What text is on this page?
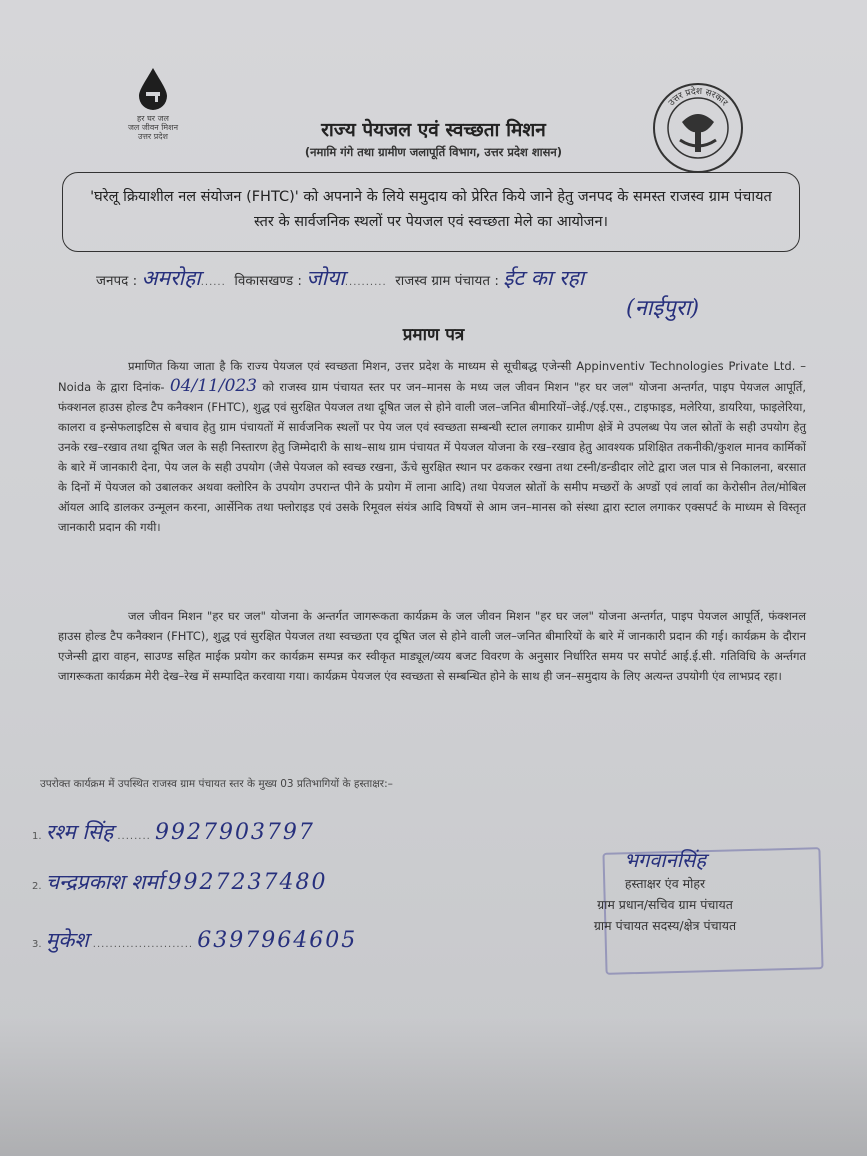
हर घर जल
जल जीवन मिशन
उत्तर प्रदेश
उत्तर प्रदेश सरकार
राज्य पेयजल एवं स्वच्छता मिशन
(नमामि गंगे तथा ग्रामीण जलापूर्ति विभाग, उत्तर प्रदेश शासन)
'घरेलू क्रियाशील नल संयोजन (FHTC)' को अपनाने के लिये समुदाय को प्रेरित किये जाने हेतु जनपद के समस्त राजस्व ग्राम पंचायत स्तर के सार्वजनिक स्थलों पर पेयजल एवं स्वच्छता मेले का आयोजन।
जनपद : अमरोहा...... विकासखण्ड : जोया.......... राजस्व ग्राम पंचायत : ईट का रहा
(नाईपुरा)
प्रमाण पत्र
प्रमाणित किया जाता है कि राज्य पेयजल एवं स्वच्छता मिशन, उत्तर प्रदेश के माध्यम से सूचीबद्ध एजेन्सी Appinventiv Technologies Private Ltd. – Noida के द्वारा दिनांक- 04/11/023 को राजस्व ग्राम पंचायत स्तर पर जन–मानस के मध्य जल जीवन मिशन "हर घर जल" योजना अन्तर्गत, पाइप पेयजल आपूर्ति, फंक्शनल हाउस होल्ड टैप कनैक्शन (FHTC), शुद्ध एवं सुरक्षित पेयजल तथा दूषित जल से होने वाली जल–जनित बीमारियों–जेई./एई.एस., टाइफाइड, मलेरिया, डायरिया, फाइलेरिया, कालरा व इन्सेफलाइटिस से बचाव हेतु ग्राम पंचायतों में सार्वजनिक स्थलों पर पेय जल एवं स्वच्छता सम्बन्धी स्टाल लगाकर ग्रामीण क्षेत्रें मे उपलब्ध पेय जल स्रोतों के सही उपयोग हेतु उनके रख–रखाव तथा दूषित जल के सही निस्तारण हेतु जिम्मेदारी के साथ–साथ ग्राम पंचायत में पेयजल योजना के रख–रखाव हेतु आवश्यक प्रशिक्षित तकनीकी/कुशल मानव कार्मिकों के बारे में जानकारी देना, पेय जल के सही उपयोग (जैसे पेयजल को स्वच्छ रखना, ऊँचे सुरक्षित स्थान पर ढककर रखना तथा टस्नी/डन्डीदार लोटे द्वारा जल पात्र से निकालना, बरसात के दिनों में पेयजल को उबालकर अथवा क्लोरिन के उपयोग उपरान्त पीने के प्रयोग में लाना आदि) तथा पेयजल स्रोतों के समीप मच्छरों के अण्डों एवं लार्वा का केरोसीन तेल/मोबिल ऑयल आदि डालकर उन्मूलन करना, आर्सेनिक तथा फ्लोराइड एवं उसके रिमूवल संयंत्र आदि विषयों से आम जन–मानस को संस्था द्वारा स्टाल लगाकर एक्सपर्ट के माध्यम से विस्तृत जानकारी प्रदान की गयी।
जल जीवन मिशन "हर घर जल" योजना के अन्तर्गत जागरूकता कार्यक्रम के जल जीवन मिशन "हर घर जल" योजना अन्तर्गत, पाइप पेयजल आपूर्ति, फंक्शनल हाउस होल्ड टैप कनैक्शन (FHTC), शुद्ध एवं सुरक्षित पेयजल तथा स्वच्छता एव दूषित जल से होने वाली जल–जनित बीमारियों के बारे में जानकारी प्रदान की गई। कार्यक्रम के दौरान एजेन्सी द्वारा वाहन, साउण्ड सहित माईक प्रयोग कर कार्यक्रम सम्पन्न कर स्वीकृत माड्यूल/व्यय बजट विवरण के अनुसार निर्धारित समय पर सपोर्ट आई.ई.सी. गतिविधि के अर्न्तगत जागरूकता कार्यक्रम मेरी देख–रेख में सम्पादित करवाया गया। कार्यक्रम पेयजल एंव स्वच्छता से सम्बन्धित होने के साथ ही जन–समुदाय के लिए अत्यन्त उपयोगी एंव लाभप्रद रहा।
उपरोक्त कार्यक्रम में उपस्थित राजस्व ग्राम पंचायत स्तर के मुख्य 03 प्रतिभागियों के हस्ताक्षर:–
1. रश्म सिंह ........ 9927903797
2. चन्द्रप्रकाश शर्मा 9927237480
3. मुकेश ........................ 6397964605
भगवानसिंह
हस्ताक्षर एंव मोहर
ग्राम प्रधान/सचिव ग्राम पंचायत
ग्राम पंचायत सदस्य/क्षेत्र पंचायत
